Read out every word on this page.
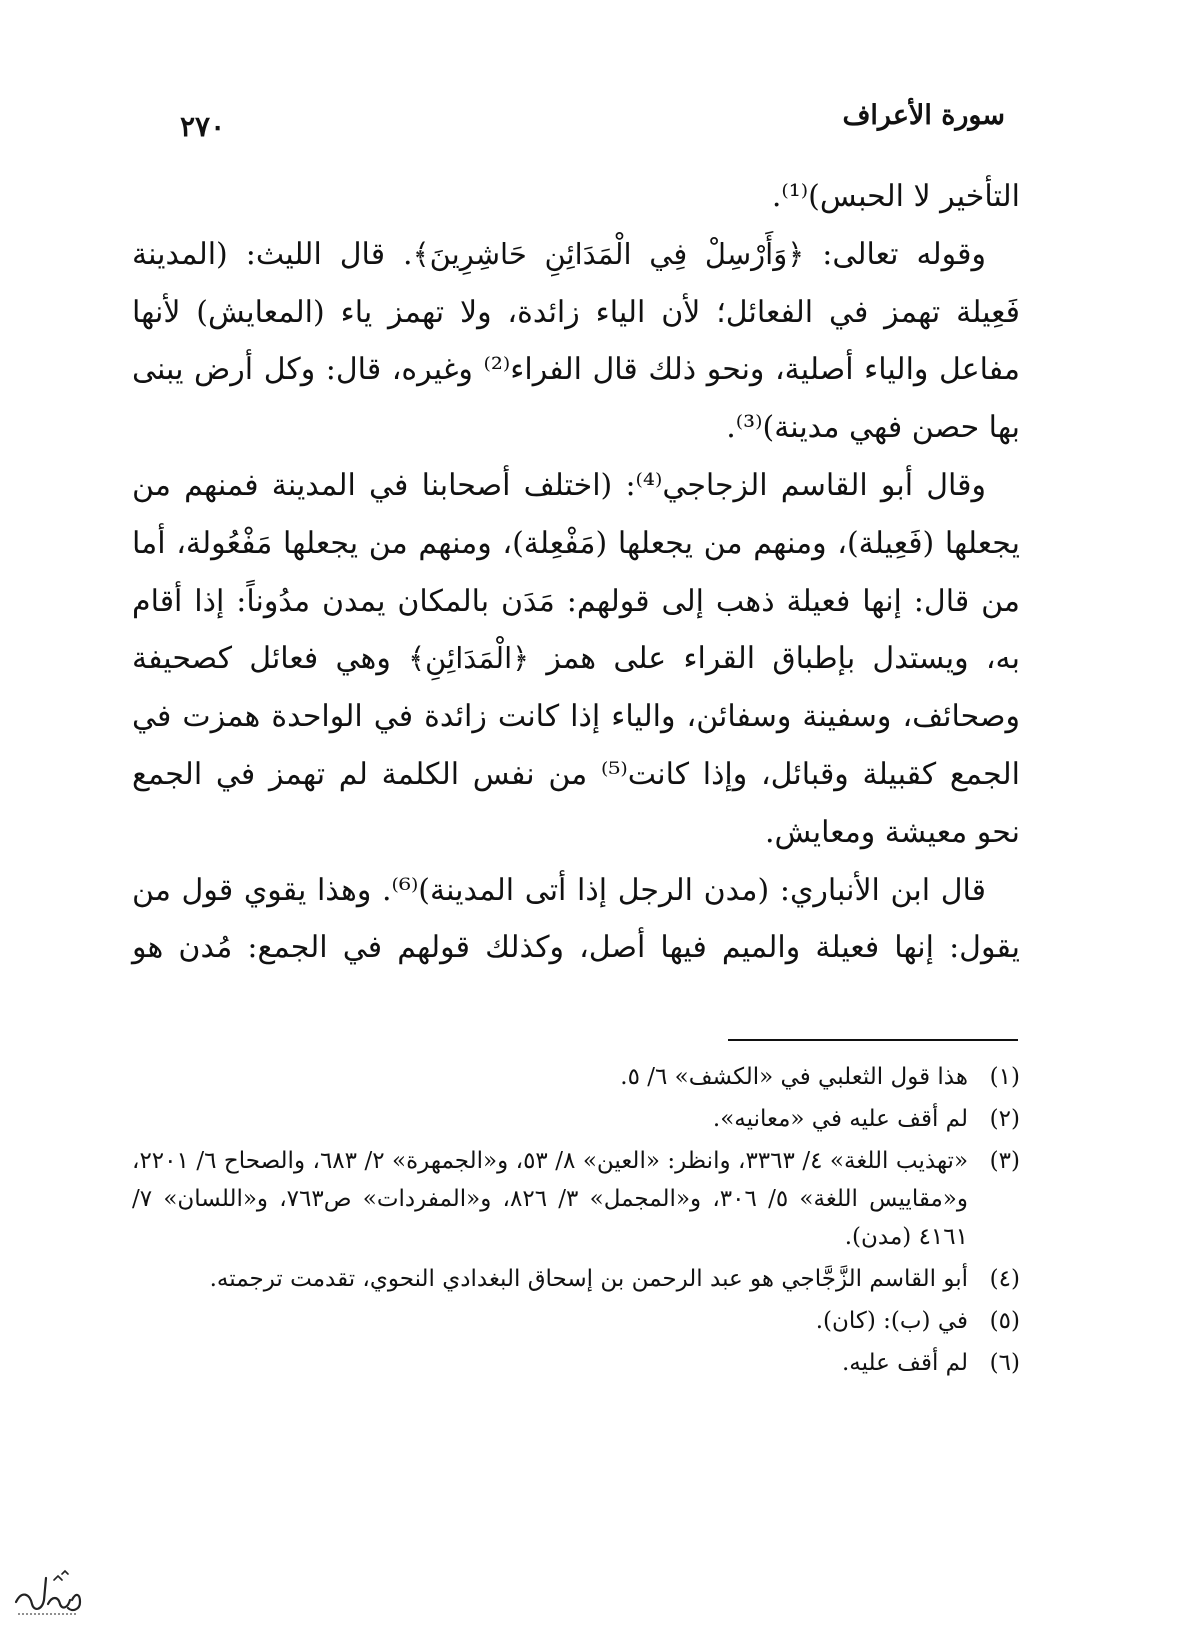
سورة الأعراف
٢٧٠

التأخير لا الحبس)⁽¹⁾.

وقوله تعالى: ﴿وَأَرْسِلْ فِي الْمَدَائِنِ حَاشِرِينَ﴾. قال الليث: (المدينة فَعِيلة تهمز في الفعائل؛ لأن الياء زائدة، ولا تهمز ياء (المعايش) لأنها مفاعل والياء أصلية، ونحو ذلك قال الفراء⁽²⁾ وغيره، قال: وكل أرض يبنى بها حصن فهي مدينة)⁽³⁾.

وقال أبو القاسم الزجاجي⁽⁴⁾: (اختلف أصحابنا في المدينة فمنهم من يجعلها (فَعِيلة)، ومنهم من يجعلها (مَفْعِلة)، ومنهم من يجعلها مَفْعُولة، أما من قال: إنها فعيلة ذهب إلى قولهم: مَدَن بالمكان يمدن مدُوناً: إذا أقام به، ويستدل بإطباق القراء على همز ﴿الْمَدَائِنِ﴾ وهي فعائل كصحيفة وصحائف، وسفينة وسفائن، والياء إذا كانت زائدة في الواحدة همزت في الجمع كقبيلة وقبائل، وإذا كانت⁽⁵⁾ من نفس الكلمة لم تهمز في الجمع نحو معيشة ومعايش.

قال ابن الأنباري: (مدن الرجل إذا أتى المدينة)⁽⁶⁾. وهذا يقوي قول من يقول: إنها فعيلة والميم فيها أصل، وكذلك قولهم في الجمع: مُدن هو

(١)
هذا قول الثعلبي في «الكشف» ٦/ ٥.
(٢)
لم أقف عليه في «معانيه».
(٣)
«تهذيب اللغة» ٤/ ٣٣٦٣، وانظر: «العين» ٨/ ٥٣، و«الجمهرة» ٢/ ٦٨٣، والصحاح ٦/ ٢٢٠١، و«مقاييس اللغة» ٥/ ٣٠٦، و«المجمل» ٣/ ٨٢٦، و«المفردات» ص٧٦٣، و«اللسان» ٧/ ٤١٦١ (مدن).
(٤)
أبو القاسم الزَّجَّاجي هو عبد الرحمن بن إسحاق البغدادي النحوي، تقدمت ترجمته.
(٥)
في (ب): (كان).
(٦)
لم أقف عليه.
